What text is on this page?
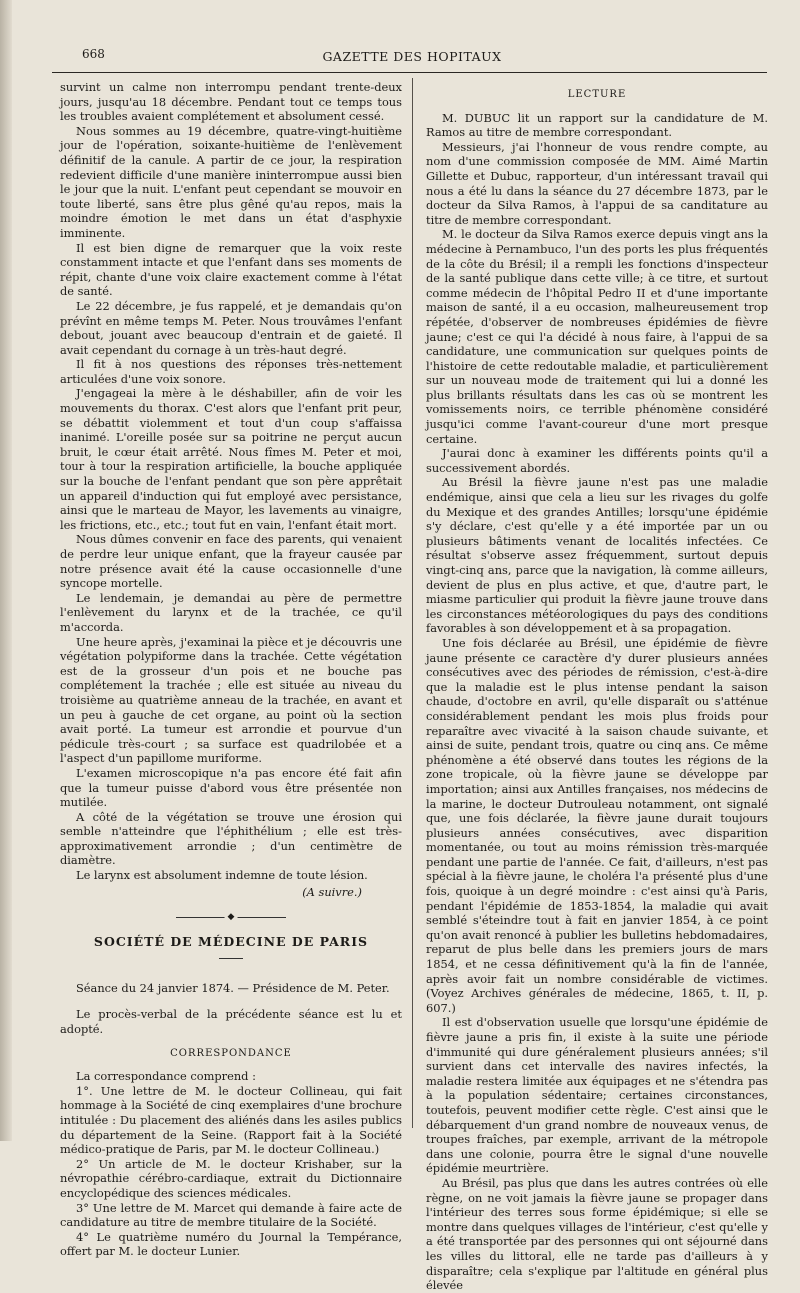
668	GAZETTE DES HOPITAUX

survint un calme non interrompu pendant trente-deux jours, jusqu'au 18 décembre. Pendant tout ce temps tous les troubles avaient complétement et absolument cessé.

Nous sommes au 19 décembre, quatre-vingt-huitième jour de l'opération, soixante-huitième de l'enlèvement définitif de la canule. A partir de ce jour, la respiration redevient difficile d'une manière ininterrompue aussi bien le jour que la nuit. L'enfant peut cependant se mouvoir en toute liberté, sans être plus gêné qu'au repos, mais la moindre émotion le met dans un état d'asphyxie imminente.

Il est bien digne de remarquer que la voix reste constamment intacte et que l'enfant dans ses moments de répit, chante d'une voix claire exactement comme à l'état de santé.

Le 22 décembre, je fus rappelé, et je demandais qu'on prévînt en même temps M. Peter. Nous trouvâmes l'enfant debout, jouant avec beaucoup d'entrain et de gaieté. Il avait cependant du cornage à un très-haut degré.

Il fit à nos questions des réponses très-nettement articulées d'une voix sonore.

J'engageai la mère à le déshabiller, afin de voir les mouvements du thorax. C'est alors que l'enfant prit peur, se débattit violemment et tout d'un coup s'affaissa inanimé. L'oreille posée sur sa poitrine ne perçut aucun bruit, le cœur était arrêté. Nous fîmes M. Peter et moi, tour à tour la respiration artificielle, la bouche appliquée sur la bouche de l'enfant pendant que son père apprêtait un appareil d'induction qui fut employé avec persistance, ainsi que le marteau de Mayor, les lavements au vinaigre, les frictions, etc., etc.; tout fut en vain, l'enfant était mort.

Nous dûmes convenir en face des parents, qui venaient de perdre leur unique enfant, que la frayeur causée par notre présence avait été la cause occasionnelle d'une syncope mortelle.

Le lendemain, je demandai au père de permettre l'enlèvement du larynx et de la trachée, ce qu'il m'accorda.

Une heure après, j'examinai la pièce et je découvris une végétation polypiforme dans la trachée. Cette végétation est de la grosseur d'un pois et ne bouche pas complétement la trachée ; elle est située au niveau du troisième au quatrième anneau de la trachée, en avant et un peu à gauche de cet organe, au point où la section avait porté. La tumeur est arrondie et pourvue d'un pédicule très-court ; sa surface est quadrilobée et a l'aspect d'un papillome muriforme.

L'examen microscopique n'a pas encore été fait afin que la tumeur puisse d'abord vous être présentée non mutilée.

A côté de la végétation se trouve une érosion qui semble n'atteindre que l'éphithélium ; elle est très-approximativement arrondie ; d'un centimètre de diamètre.

Le larynx est absolument indemne de toute lésion.

(A suivre.)
◆
SOCIÉTÉ DE MÉDECINE DE PARIS

Séance du 24 janvier 1874. — Présidence de M. Peter.

Le procès-verbal de la précédente séance est lu et adopté.

CORRESPONDANCE

La correspondance comprend :

1°. Une lettre de M. le docteur Collineau, qui fait hommage à la Société de cinq exemplaires d'une brochure intitulée : Du placement des aliénés dans les asiles publics du département de la Seine. (Rapport fait à la Société médico-pratique de Paris, par M. le docteur Collineau.)

2° Un article de M. le docteur Krishaber, sur la névropathie cérébro-cardiaque, extrait du Dictionnaire encyclopédique des sciences médicales.

3° Une lettre de M. Marcet qui demande à faire acte de candidature au titre de membre titulaire de la Société.

4° Le quatrième numéro du Journal la Tempérance, offert par M. le docteur Lunier.

LECTURE

M. DUBUC lit un rapport sur la candidature de M. Ramos au titre de membre correspondant.

Messieurs, j'ai l'honneur de vous rendre compte, au nom d'une commission composée de MM. Aimé Martin Gillette et Dubuc, rapporteur, d'un intéressant travail qui nous a été lu dans la séance du 27 décembre 1873, par le docteur da Silva Ramos, à l'appui de sa canditature au titre de membre correspondant.

M. le docteur da Silva Ramos exerce depuis vingt ans la médecine à Pernambuco, l'un des ports les plus fréquentés de la côte du Brésil; il a rempli les fonctions d'inspecteur de la santé publique dans cette ville; à ce titre, et surtout comme médecin de l'hôpital Pedro II et d'une importante maison de santé, il a eu occasion, malheureusement trop répétée, d'observer de nombreuses épidémies de fièvre jaune; c'est ce qui l'a décidé à nous faire, à l'appui de sa candidature, une communication sur quelques points de l'histoire de cette redoutable maladie, et particulièrement sur un nouveau mode de traitement qui lui a donné les plus brillants résultats dans les cas où se montrent les vomissements noirs, ce terrible phénomène considéré jusqu'ici comme l'avant-coureur d'une mort presque certaine.

J'aurai donc à examiner les différents points qu'il a successivement abordés.

Au Brésil la fièvre jaune n'est pas une maladie endémique, ainsi que cela a lieu sur les rivages du golfe du Mexique et des grandes Antilles; lorsqu'une épidémie s'y déclare, c'est qu'elle y a été importée par un ou plusieurs bâtiments venant de localités infectées. Ce résultat s'observe assez fréquemment, surtout depuis vingt-cinq ans, parce que la navigation, là comme ailleurs, devient de plus en plus active, et que, d'autre part, le miasme particulier qui produit la fièvre jaune trouve dans les circonstances météorologiques du pays des conditions favorables à son développement et à sa propagation.

Une fois déclarée au Brésil, une épidémie de fièvre jaune présente ce caractère d'y durer plusieurs années consécutives avec des périodes de rémission, c'est-à-dire que la maladie est le plus intense pendant la saison chaude, d'octobre en avril, qu'elle disparaît ou s'atténue considérablement pendant les mois plus froids pour reparaître avec vivacité à la saison chaude suivante, et ainsi de suite, pendant trois, quatre ou cinq ans. Ce même phénomène a été observé dans toutes les régions de la zone tropicale, où la fièvre jaune se développe par importation; ainsi aux Antilles françaises, nos médecins de la marine, le docteur Dutrouleau notamment, ont signalé que, une fois déclarée, la fièvre jaune durait toujours plusieurs années consécutives, avec disparition momentanée, ou tout au moins rémission très-marquée pendant une partie de l'année. Ce fait, d'ailleurs, n'est pas spécial à la fièvre jaune, le choléra l'a présenté plus d'une fois, quoique à un degré moindre : c'est ainsi qu'à Paris, pendant l'épidémie de 1853-1854, la maladie qui avait semblé s'éteindre tout à fait en janvier 1854, à ce point qu'on avait renoncé à publier les bulletins hebdomadaires, reparut de plus belle dans les premiers jours de mars 1854, et ne cessa définitivement qu'à la fin de l'année, après avoir fait un nombre considérable de victimes. (Voyez Archives générales de médecine, 1865, t. II, p. 607.)

Il est d'observation usuelle que lorsqu'une épidémie de fièvre jaune a pris fin, il existe à la suite une période d'immunité qui dure généralement plusieurs années; s'il survient dans cet intervalle des navires infectés, la maladie restera limitée aux équipages et ne s'étendra pas à la population sédentaire; certaines circonstances, toutefois, peuvent modifier cette règle. C'est ainsi que le débarquement d'un grand nombre de nouveaux venus, de troupes fraîches, par exemple, arrivant de la métropole dans une colonie, pourra être le signal d'une nouvelle épidémie meurtrière.

Au Brésil, pas plus que dans les autres contrées où elle règne, on ne voit jamais la fièvre jaune se propager dans l'intérieur des terres sous forme épidémique; si elle se montre dans quelques villages de l'intérieur, c'est qu'elle y a été transportée par des personnes qui ont séjourné dans les villes du littoral, elle ne tarde pas d'ailleurs à y disparaître; cela s'explique par l'altitude en général plus élevée
